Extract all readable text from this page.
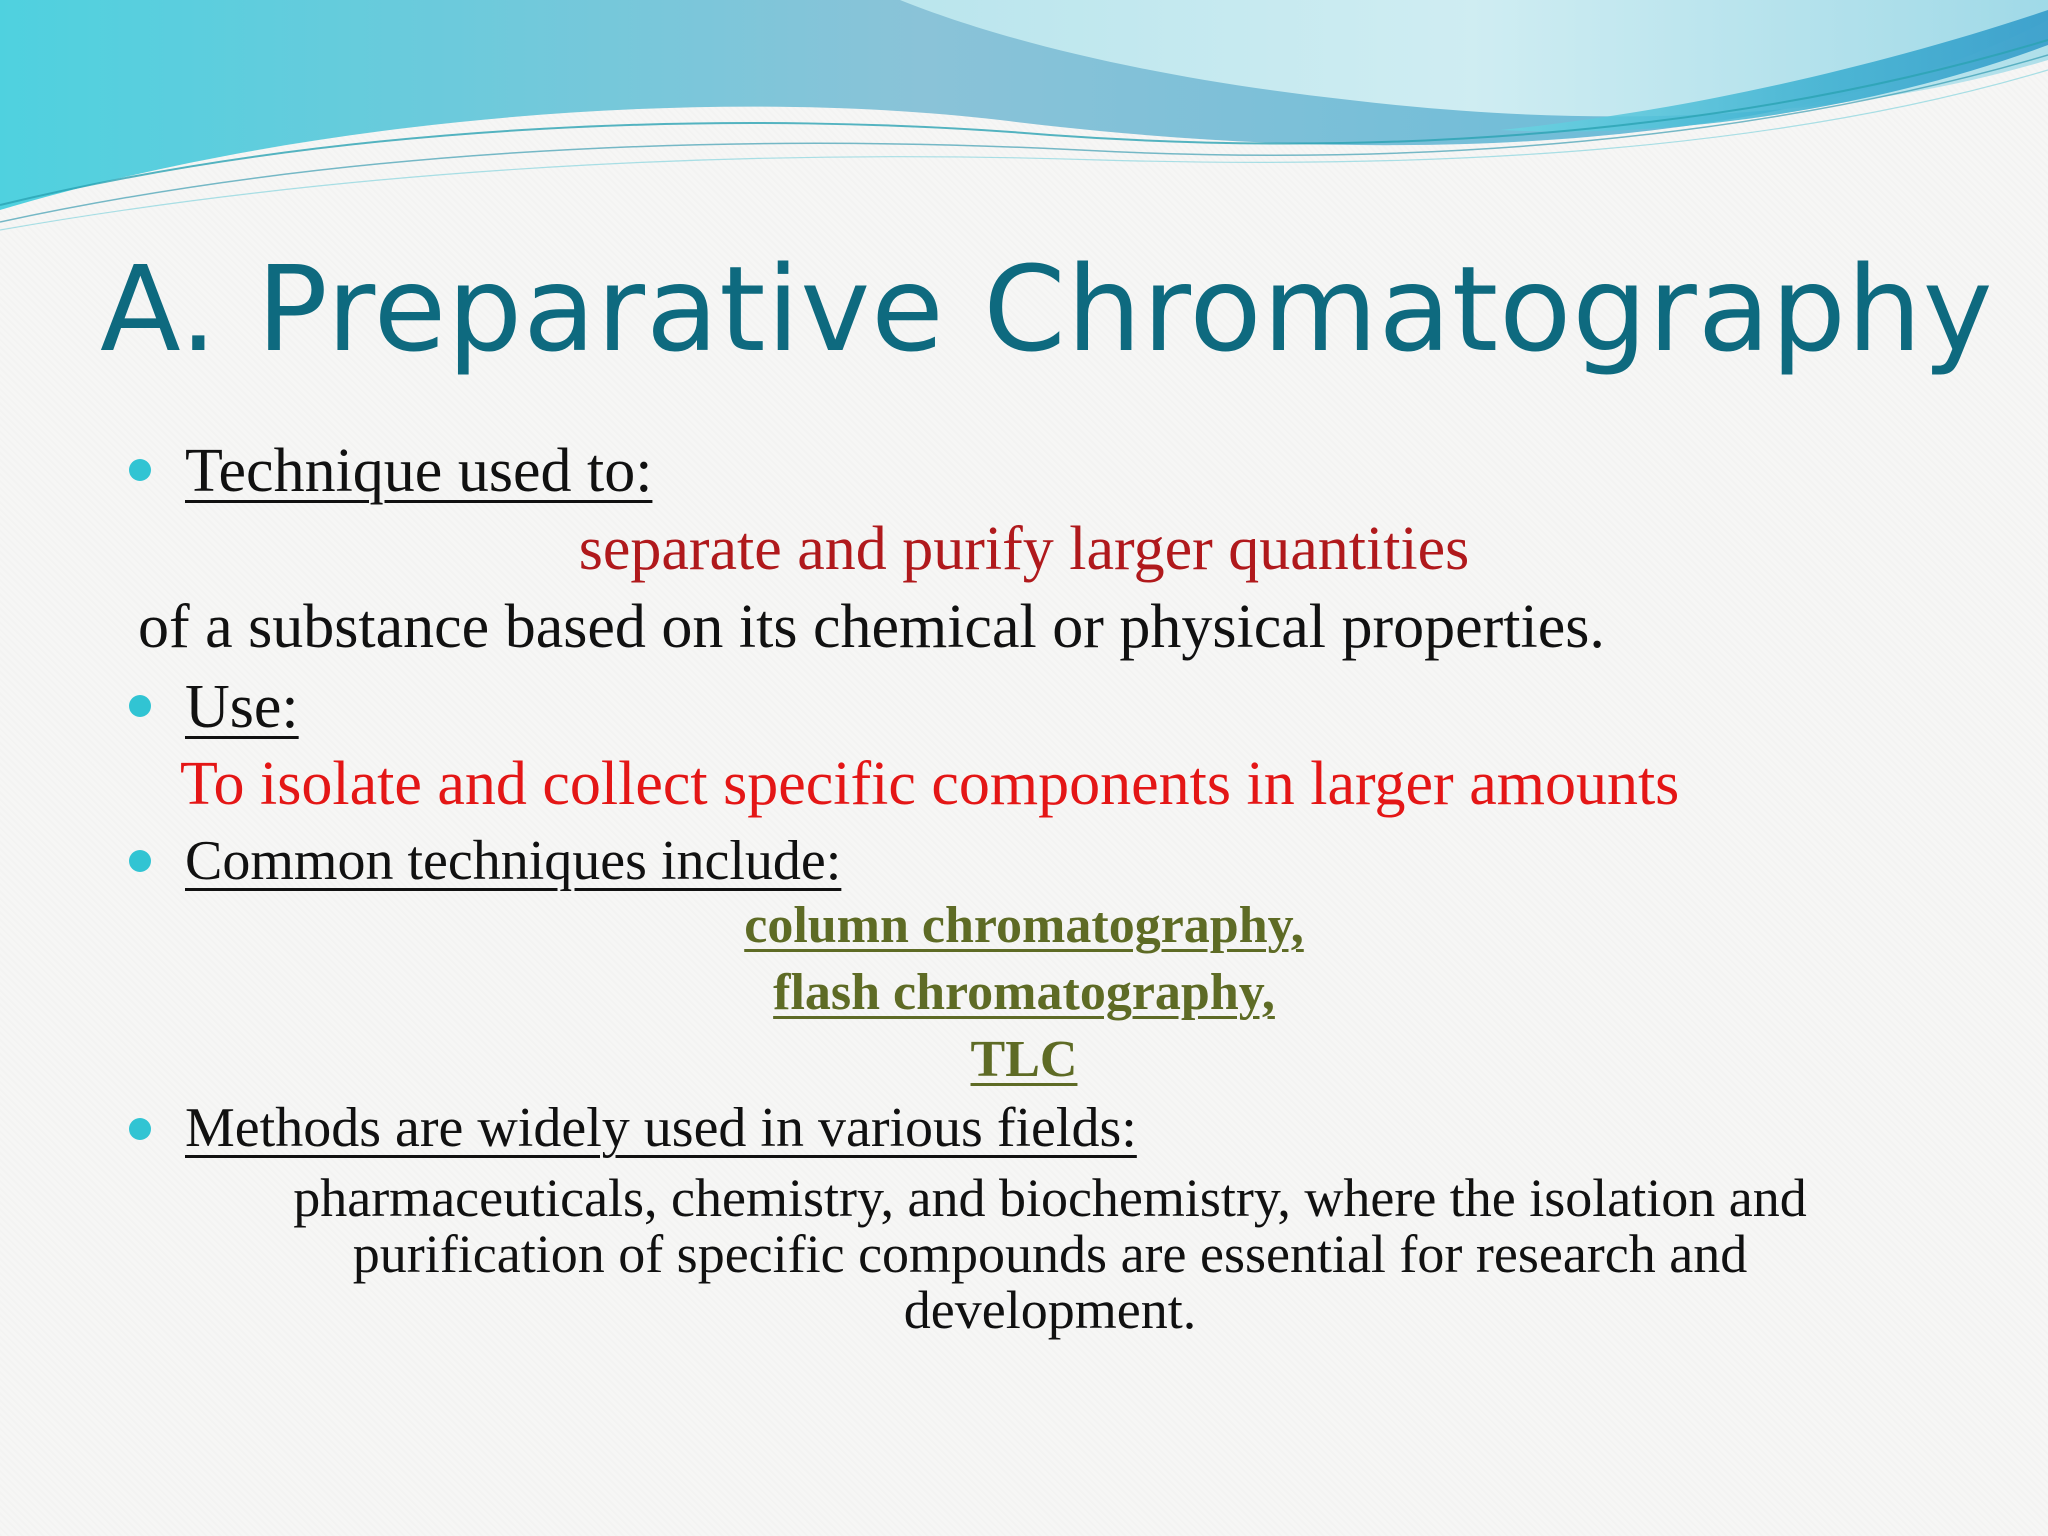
A. Preparative Chromatography
Technique used to:
separate and purify larger quantities
of a substance based on its chemical or physical properties.
Use:
To isolate and collect specific components in larger amounts
Common techniques include:
column chromatography,
flash chromatography,
TLC
Methods are widely used in various fields:
pharmaceuticals, chemistry, and biochemistry, where the isolation and
purification of specific compounds are essential for research and
development.
